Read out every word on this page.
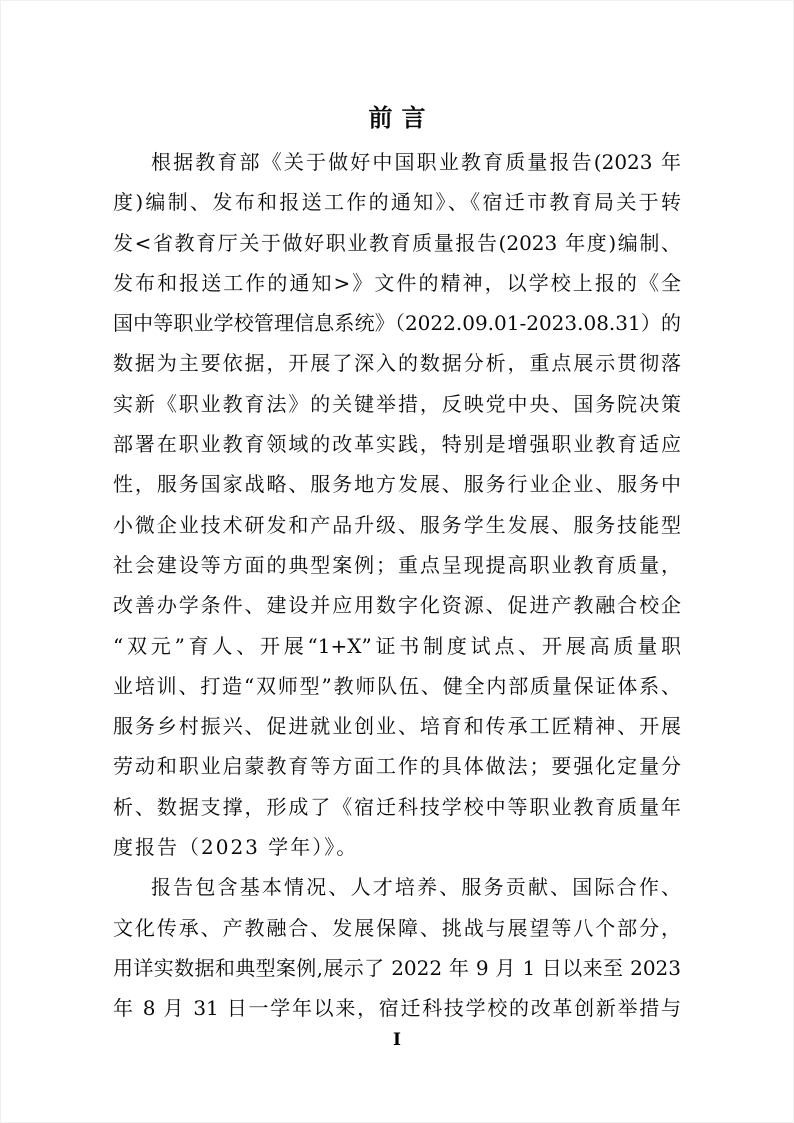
前言
根据教育部《关于做好中国职业教育质量报告(2023 年
度)编制、发布和报送工作的通知》、《宿迁市教育局关于转
发<省教育厅关于做好职业教育质量报告(2023 年度)编制、
发布和报送工作的通知>》文件的精神，以学校上报的《全
国中等职业学校管理信息系统》（2022.09.01-2023.08.31）的
数据为主要依据，开展了深入的数据分析，重点展示贯彻落
实新《职业教育法》的关键举措，反映党中央、国务院决策
部署在职业教育领域的改革实践，特别是增强职业教育适应
性，服务国家战略、服务地方发展、服务行业企业、服务中
小微企业技术研发和产品升级、服务学生发展、服务技能型
社会建设等方面的典型案例；重点呈现提高职业教育质量，
改善办学条件、建设并应用数字化资源、促进产教融合校企
“双元”育人、开展“1+X”证书制度试点、开展高质量职
业培训、打造“双师型”教师队伍、健全内部质量保证体系、
服务乡村振兴、促进就业创业、培育和传承工匠精神、开展
劳动和职业启蒙教育等方面工作的具体做法；要强化定量分
析、数据支撑，形成了《宿迁科技学校中等职业教育质量年
度报告（2023 学年）》。
报告包含基本情况、人才培养、服务贡献、国际合作、
文化传承、产教融合、发展保障、挑战与展望等八个部分，
用详实数据和典型案例,展示了 2022 年 9 月 1 日以来至 2023
年 8 月 31 日一学年以来，宿迁科技学校的改革创新举措与
I
